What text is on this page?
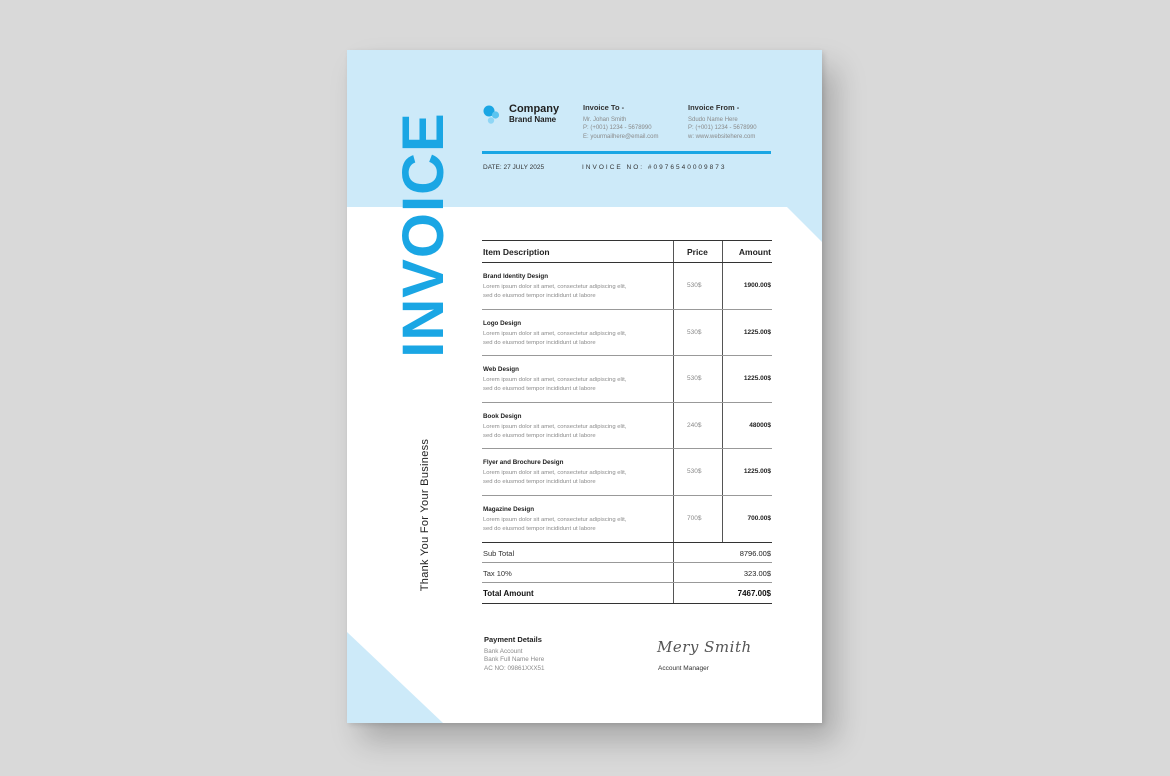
INVOICE
Thank You For Your Business
Company
Brand Name
Invoice To -
Mr. Johan Smith
P: (+001) 1234 - 5678990
E: yourmailhere@email.com
Invoice From -
Sdudo Name Here
P: (+001) 1234 - 5678990
w: www.websitehere.com
DATE: 27 JULY 2025	INVOICE NO: #0976540009873
Item Description	Price	Amount
Brand Identity Design
Lorem ipsum dolor sit amet, consectetur adipiscing elit,
sed do eiusmod tempor incididunt ut labore
530$	1900.00$
Logo Design
Lorem ipsum dolor sit amet, consectetur adipiscing elit,
sed do eiusmod tempor incididunt ut labore
530$	1225.00$
Web Design
Lorem ipsum dolor sit amet, consectetur adipiscing elit,
sed do eiusmod tempor incididunt ut labore
530$	1225.00$
Book Design
Lorem ipsum dolor sit amet, consectetur adipiscing elit,
sed do eiusmod tempor incididunt ut labore
240$	48000$
Flyer and Brochure Design
Lorem ipsum dolor sit amet, consectetur adipiscing elit,
sed do eiusmod tempor incididunt ut labore
530$	1225.00$
Magazine Design
Lorem ipsum dolor sit amet, consectetur adipiscing elit,
sed do eiusmod tempor incididunt ut labore
700$	700.00$
Sub Total	8796.00$
Tax 10%	323.00$
Total Amount	7467.00$
Payment Details
Bank Account
Bank Full Name Here
AC NO: 09861XXX51
Mery Smith
Account Manager
